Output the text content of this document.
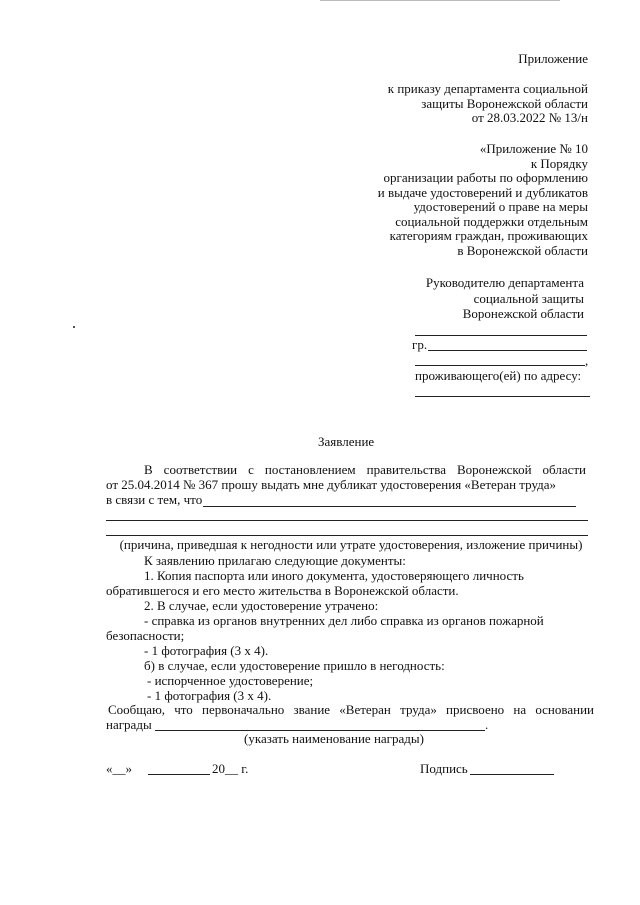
Приложение
к приказу департамента социальной
защиты Воронежской области
от 28.03.2022 № 13/н
«Приложение № 10
к Порядку
организации работы по оформлению
и выдаче удостоверений и дубликатов
удостоверений о праве на меры
социальной поддержки отдельным
категориям граждан, проживающих
в Воронежской области
Руководителю департамента
социальной защиты
Воронежской области
гр.
,
проживающего(ей) по адресу:
Заявление
В соответствии с постановлением правительства Воронежской области
от 25.04.2014 № 367 прошу выдать мне дубликат удостоверения «Ветеран труда»
в связи с тем, что
(причина, приведшая к негодности или утрате удостоверения, изложение причины)
К заявлению прилагаю следующие документы:
1. Копия паспорта или иного документа, удостоверяющего личность
обратившегося и его место жительства в Воронежской области.
2. В случае, если удостоверение утрачено:
- справка из органов внутренних дел либо справка из органов пожарной
безопасности;
- 1 фотография (3 х 4).
б) в случае, если удостоверение пришло в негодность:
- испорченное удостоверение;
- 1 фотография (3 х 4).
Сообщаю, что первоначально звание «Ветеран труда» присвоено на основании
награды	.
(указать наименование награды)
«__»	20__ г.	Подпись
